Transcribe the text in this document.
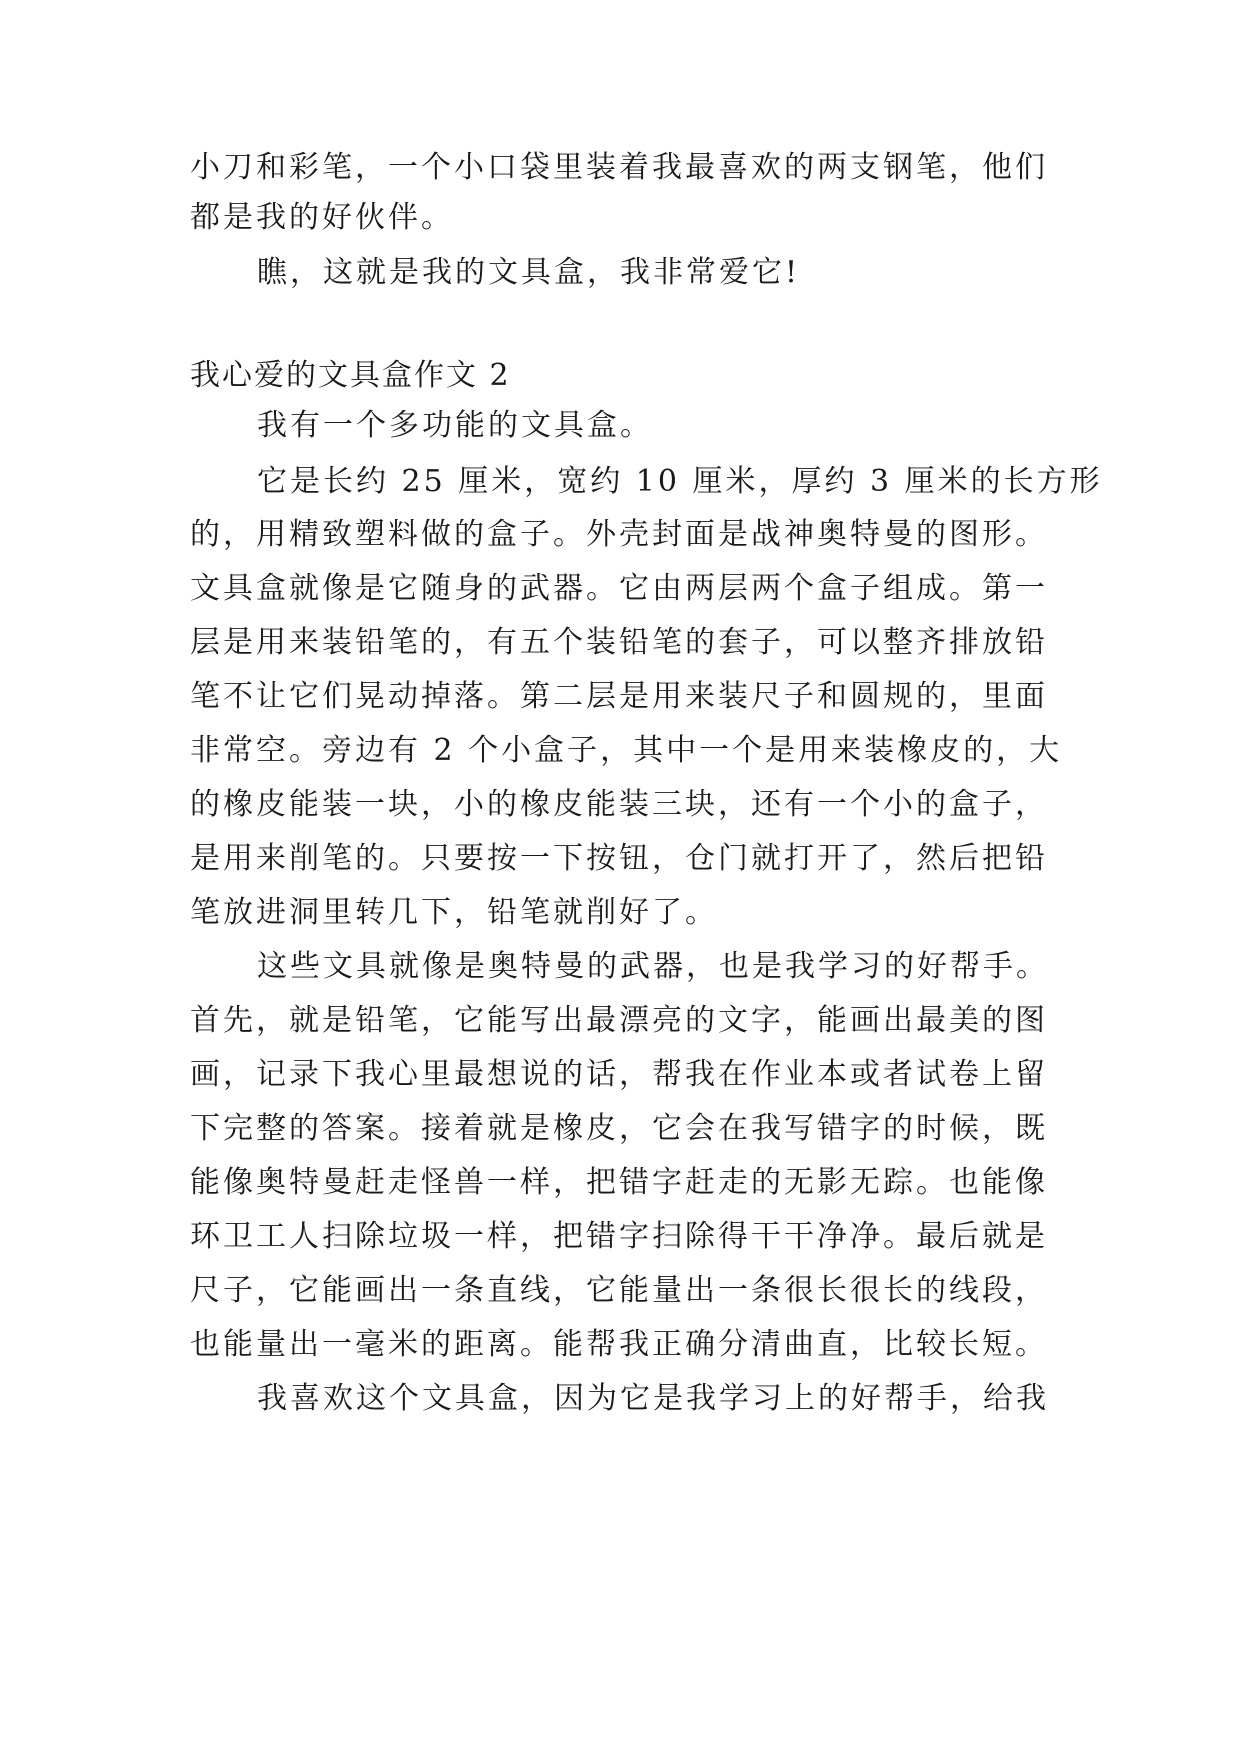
小刀和彩笔，一个小口袋里装着我最喜欢的两支钢笔，他们
都是我的好伙伴。
瞧，这就是我的文具盒，我非常爱它!
我心爱的文具盒作文 2
我有一个多功能的文具盒。
它是长约 25 厘米，宽约 10 厘米，厚约 3 厘米的长方形
的，用精致塑料做的盒子。外壳封面是战神奥特曼的图形。
文具盒就像是它随身的武器。它由两层两个盒子组成。第一
层是用来装铅笔的，有五个装铅笔的套子，可以整齐排放铅
笔不让它们晃动掉落。第二层是用来装尺子和圆规的，里面
非常空。旁边有 2 个小盒子，其中一个是用来装橡皮的，大
的橡皮能装一块，小的橡皮能装三块，还有一个小的盒子，
是用来削笔的。只要按一下按钮，仓门就打开了，然后把铅
笔放进洞里转几下，铅笔就削好了。
这些文具就像是奥特曼的武器，也是我学习的好帮手。
首先，就是铅笔，它能写出最漂亮的文字，能画出最美的图
画，记录下我心里最想说的话，帮我在作业本或者试卷上留
下完整的答案。接着就是橡皮，它会在我写错字的时候，既
能像奥特曼赶走怪兽一样，把错字赶走的无影无踪。也能像
环卫工人扫除垃圾一样，把错字扫除得干干净净。最后就是
尺子，它能画出一条直线，它能量出一条很长很长的线段，
也能量出一毫米的距离。能帮我正确分清曲直，比较长短。
我喜欢这个文具盒，因为它是我学习上的好帮手，给我
